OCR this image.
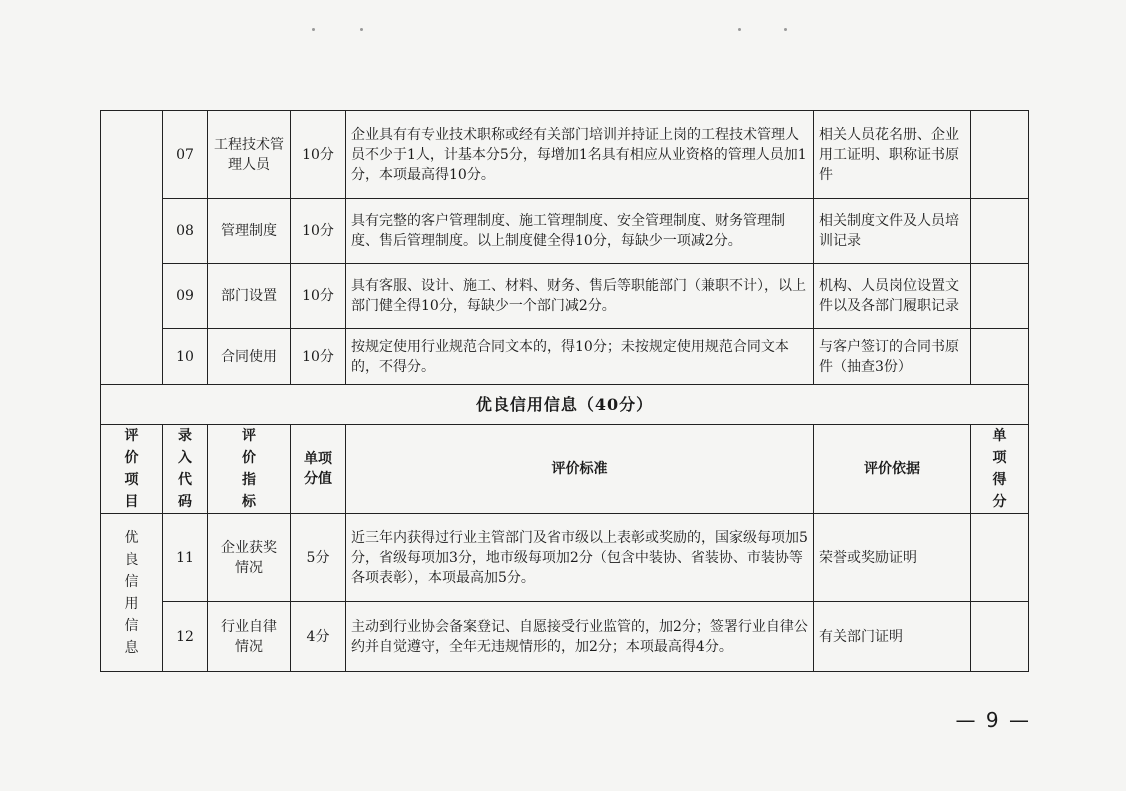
	07	工程技术管理人员	10分	企业具有有专业技术职称或经有关部门培训并持证上岗的工程技术管理人员不少于1人，计基本分5分，每增加1名具有相应从业资格的管理人员加1分，本项最高得10分。	相关人员花名册、企业用工证明、职称证书原件	
	08	管理制度	10分	具有完整的客户管理制度、施工管理制度、安全管理制度、财务管理制度、售后管理制度。以上制度健全得10分，每缺少一项减2分。	相关制度文件及人员培训记录	
	09	部门设置	10分	具有客服、设计、施工、材料、财务、售后等职能部门（兼职不计），以上部门健全得10分，每缺少一个部门减2分。	机构、人员岗位设置文件以及各部门履职记录	
	10	合同使用	10分	按规定使用行业规范合同文本的，得10分；未按规定使用规范合同文本的，不得分。	与客户签订的合同书原件（抽查3份）	
优良信用信息（40分）						

评价项目	录入代码	评价指标	单项分值	评价标准	评价依据	单项得分

优良信用信息	11	企业获奖情况	5分	近三年内获得过行业主管部门及省市级以上表彰或奖励的，国家级每项加5分，省级每项加3分，地市级每项加2分（包含中装协、省装协、市装协等各项表彰），本项最高加5分。	荣誉或奖励证明	
	12	行业自律情况	4分	主动到行业协会备案登记、自愿接受行业监管的，加2分；签署行业自律公约并自觉遵守，全年无违规情形的，加2分；本项最高得4分。	有关部门证明	
— 9 —
